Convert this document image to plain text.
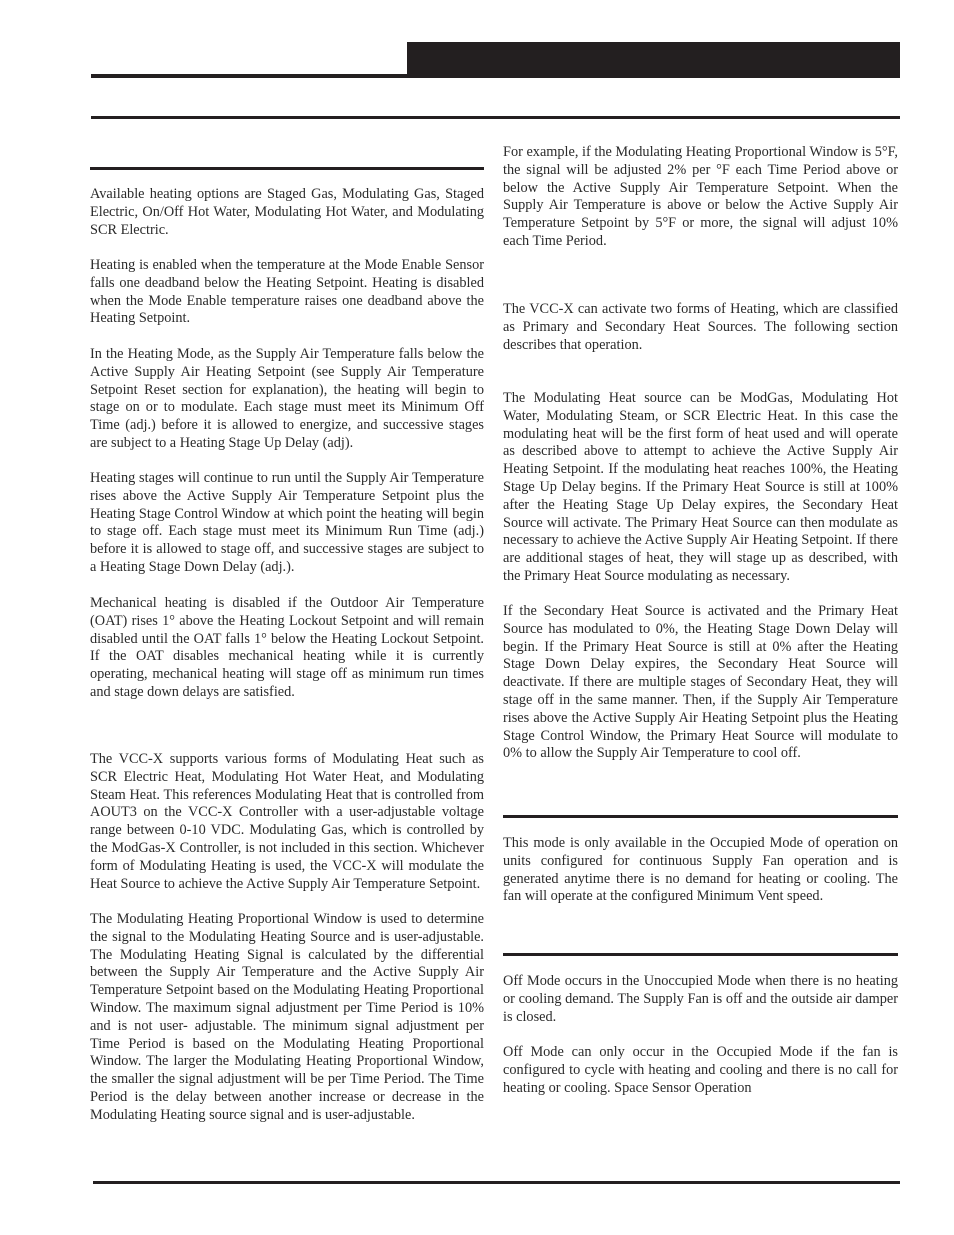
Available heating options are Staged Gas, Modulating Gas, Staged Electric, On/Off Hot Water, Modulating Hot Water, and Modulating SCR Electric.

Heating is enabled when the temperature at the Mode Enable Sensor falls one deadband below the Heating Setpoint. Heating is disabled when the Mode Enable temperature raises one deadband above the Heating Setpoint.

In the Heating Mode, as the Supply Air Temperature falls below the Active Supply Air Heating Setpoint (see Supply Air Temperature Setpoint Reset section for explanation), the heating will begin to stage on or to modulate. Each stage must meet its Minimum Off Time (adj.) before it is allowed to energize, and successive stages are subject to a Heating Stage Up Delay (adj).

Heating stages will continue to run until the Supply Air Temperature rises above the Active Supply Air Temperature Setpoint plus the Heating Stage Control Window at which point the heating will begin to stage off. Each stage must meet its Minimum Run Time (adj.) before it is allowed to stage off, and successive stages are subject to a Heating Stage Down Delay (adj.).

Mechanical heating is disabled if the Outdoor Air Temperature (OAT) rises 1° above the Heating Lockout Setpoint and will remain disabled until the OAT falls 1° below the Heating Lockout Setpoint. If the OAT disables mechanical heating while it is currently operating, mechanical heating will stage off as minimum run times and stage down delays are satisfied.

The VCC-X supports various forms of Modulating Heat such as SCR Electric Heat, Modulating Hot Water Heat, and Modulating Steam Heat. This references Modulating Heat that is controlled from AOUT3 on the VCC-X Controller with a user-adjustable voltage range between 0-10 VDC. Modulating Gas, which is controlled by the ModGas-X Controller, is not included in this section. Whichever form of Modulating Heating is used, the VCC-X will modulate the Heat Source to achieve the Active Supply Air Temperature Setpoint.

The Modulating Heating Proportional Window is used to determine the signal to the Modulating Heating Source and is user-adjustable. The Modulating Heating Signal is calculated by the differential between the Supply Air Temperature and the Active Supply Air Temperature Setpoint based on the Modulating Heating Proportional Window. The maximum signal adjustment per Time Period is 10% and is not user- adjustable. The minimum signal adjustment per Time Period is based on the Modulating Heating Proportional Window. The larger the Modulating Heating Proportional Window, the smaller the signal adjustment will be per Time Period. The Time Period is the delay between another increase or decrease in the Modulating Heating source signal and is user-adjustable.

For example, if the Modulating Heating Proportional Window is 5°F, the signal will be adjusted 2% per °F each Time Period above or below the Active Supply Air Temperature Setpoint. When the Supply Air Temperature is above or below the Active Supply Air Temperature Setpoint by 5°F or more, the signal will adjust 10% each Time Period.

The VCC-X can activate two forms of Heating, which are classified as Primary and Secondary Heat Sources. The following section describes that operation.

The Modulating Heat source can be ModGas, Modulating Hot Water, Modulating Steam, or SCR Electric Heat. In this case the modulating heat will be the first form of heat used and will operate as described above to attempt to achieve the Active Supply Air Heating Setpoint. If the modulating heat reaches 100%, the Heating Stage Up Delay begins. If the Primary Heat Source is still at 100% after the Heating Stage Up Delay expires, the Secondary Heat Source will activate. The Primary Heat Source can then modulate as necessary to achieve the Active Supply Air Heating Setpoint. If there are additional stages of heat, they will stage up as described, with the Primary Heat Source modulating as necessary.

If the Secondary Heat Source is activated and the Primary Heat Source has modulated to 0%, the Heating Stage Down Delay will begin. If the Primary Heat Source is still at 0% after the Heating Stage Down Delay expires, the Secondary Heat Source will deactivate. If there are multiple stages of Secondary Heat, they will stage off in the same manner. Then, if the Supply Air Temperature rises above the Active Supply Air Heating Setpoint plus the Heating Stage Control Window, the Primary Heat Source will modulate to 0% to allow the Supply Air Temperature to cool off.

This mode is only available in the Occupied Mode of operation on units configured for continuous Supply Fan operation and is generated anytime there is no demand for heating or cooling. The fan will operate at the configured Minimum Vent speed.

Off Mode occurs in the Unoccupied Mode when there is no heating or cooling demand. The Supply Fan is off and the outside air damper is closed.

Off Mode can only occur in the Occupied Mode if the fan is configured to cycle with heating and cooling and there is no call for heating or cooling. Space Sensor Operation
